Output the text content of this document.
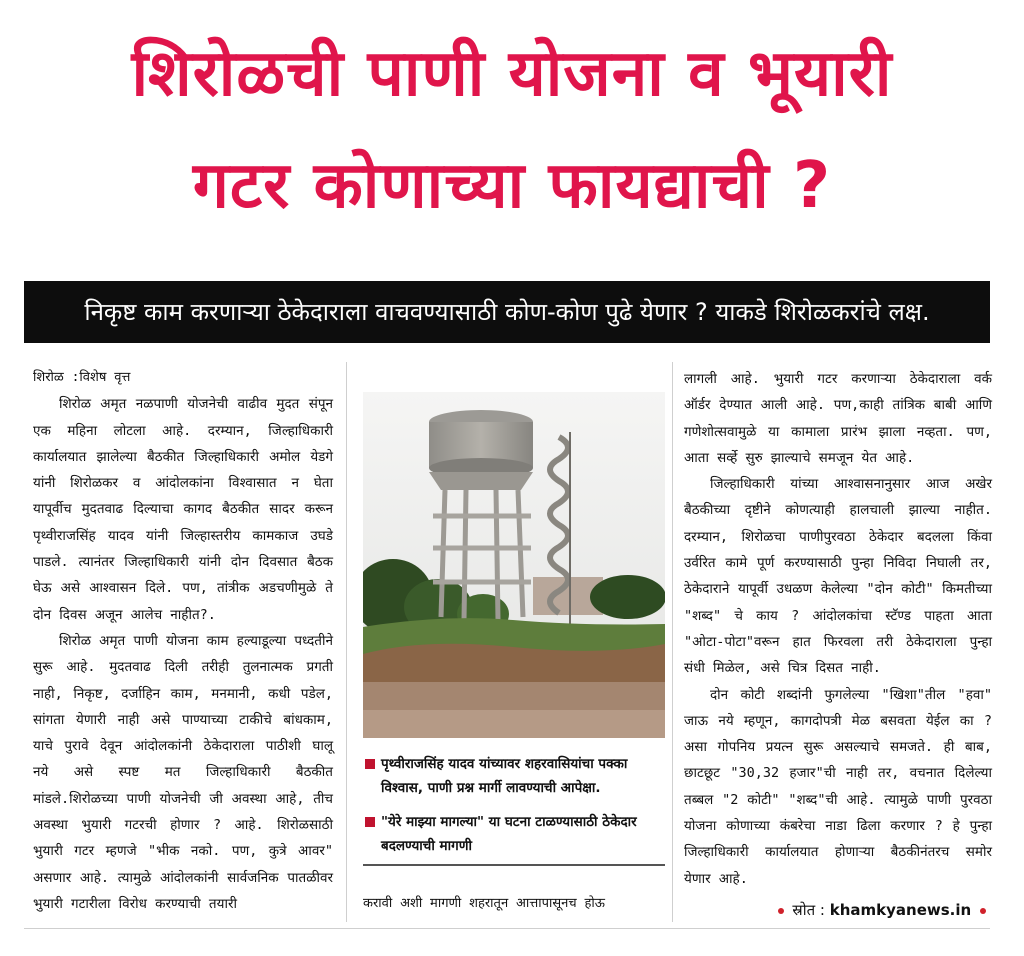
शिरोळची पाणी योजना व भूयारी
गटर कोणाच्या फायद्याची ?
निकृष्ट काम करणाऱ्या ठेकेदाराला वाचवण्यासाठी कोण-कोण पुढे येणार ? याकडे शिरोळकरांचे लक्ष.

शिरोळ :विशेष वृत्त

शिरोळ अमृत नळपाणी योजनेची वाढीव मुदत संपून एक महिना लोटला आहे. दरम्यान, जिल्हाधिकारी कार्यालयात झालेल्या बैठकीत जिल्हाधिकारी अमोल येडगे यांनी शिरोळकर व आंदोलकांना विश्वासात न घेता यापूर्वीच मुदतवाढ दिल्याचा कागद बैठकीत सादर करून पृथ्वीराजसिंह यादव यांनी जिल्हास्तरीय कामकाज उघडे पाडले. त्यानंतर जिल्हाधिकारी यांनी दोन दिवसात बैठक घेऊ असे आश्वासन दिले. पण, तांत्रीक अडचणीमुळे ते दोन दिवस अजून आलेच नाहीत?.

शिरोळ अमृत पाणी योजना काम हल्याडूल्या पध्दतीने सुरू आहे. मुदतवाढ दिली तरीही तुलनात्मक प्रगती नाही, निकृष्ट, दर्जाहिन काम, मनमानी, कधी पडेल, सांगता येणारी नाही असे पाण्याच्या टाकीचे बांधकाम, याचे पुरावे देवून आंदोलकांनी ठेकेदाराला पाठीशी घालू नये असे स्पष्ट मत जिल्हाधिकारी बैठकीत मांडले.शिरोळच्या पाणी योजनेची जी अवस्था आहे, तीच अवस्था भुयारी गटरची होणार ? आहे. शिरोळसाठी भुयारी गटर म्हणजे "भीक नको. पण, कुत्रे आवर" असणार आहे. त्यामुळे आंदोलकांनी सार्वजनिक पातळीवर भुयारी गटारीला विरोध करण्याची तयारी

पृथ्वीराजसिंह यादव यांच्यावर शहरवासियांचा पक्का विश्वास, पाणी प्रश्न मार्गी लावण्याची आपेक्षा.
"येरे माझ्या मागल्या" या घटना टाळण्यासाठी ठेकेदार बदलण्याची मागणी
करावी अशी मागणी शहरातून आत्तापासूनच होऊ

लागली आहे. भुयारी गटर करणाऱ्या ठेकेदाराला वर्क ऑर्डर देण्यात आली आहे. पण,काही तांत्रिक बाबी आणि गणेशोत्सवामुळे या कामाला प्रारंभ झाला नव्हता. पण, आता सर्व्हे सुरु झाल्याचे समजून येत आहे.

जिल्हाधिकारी यांच्या आश्वासनानुसार आज अखेर बैठकीच्या दृष्टीने कोणत्याही हालचाली झाल्या नाहीत. दरम्यान, शिरोळचा पाणीपुरवठा ठेकेदार बदलला किंवा उर्वरित कामे पूर्ण करण्यासाठी पुन्हा निविदा निघाली तर, ठेकेदाराने यापूर्वी उधळण केलेल्या "दोन कोटी" किमतीच्या "शब्द" चे काय ? आंदोलकांचा स्टॅण्ड पाहता आता "ओटा-पोटा"वरून हात फिरवला तरी ठेकेदाराला पुन्हा संधी मिळेल, असे चित्र दिसत नाही.

दोन कोटी शब्दांनी फुगलेल्या "खिशा"तील "हवा" जाऊ नये म्हणून, कागदोपत्री मेळ बसवता येईल का ? असा गोपनिय प्रयत्न सुरू असल्याचे समजते. ही बाब, छाटछूट "30,32 हजार"ची नाही तर, वचनात दिलेल्या तब्बल "2 कोटी" "शब्द"ची आहे. त्यामुळे पाणी पुरवठा योजना कोणाच्या कंबरेचा नाडा ढिला करणार ? हे पुन्हा जिल्हाधिकारी कार्यालयात होणाऱ्या बैठकीनंतरच समोर येणार आहे.

स्रोत : khamkyanews.in
